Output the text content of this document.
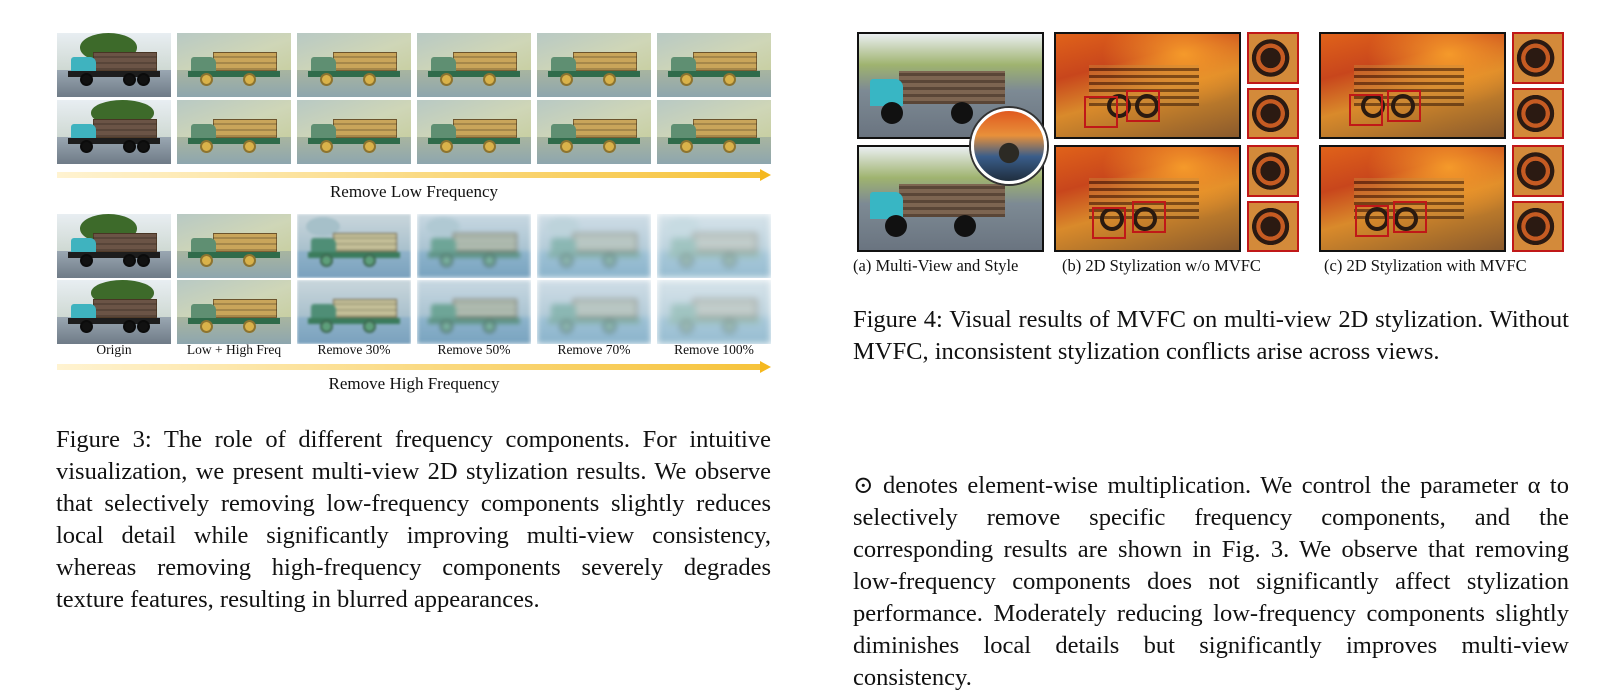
Remove Low Frequency
Origin	Low + High Freq	Remove 30%	Remove 50%	Remove 70%	Remove 100%
Remove High Frequency
Figure 3: The role of different frequency components. For intuitive visualization, we present multi-view 2D stylization results. We observe that selectively removing low-frequency components slightly reduces local detail while significantly improving multi-view consistency, whereas removing high-frequency components severely degrades texture features, resulting in blurred appearances.
(a) Multi-View and Style	(b) 2D Stylization w/o MVFC	(c) 2D Stylization with MVFC
Figure 4: Visual results of MVFC on multi-view 2D stylization. Without MVFC, inconsistent stylization conflicts arise across views.
⊙ denotes element-wise multiplication. We control the parameter α to selectively remove specific frequency components, and the corresponding results are shown in Fig. 3. We observe that removing low-frequency components does not significantly affect stylization performance. Moderately reducing low-frequency components slightly diminishes local details but significantly improves multi-view consistency.
